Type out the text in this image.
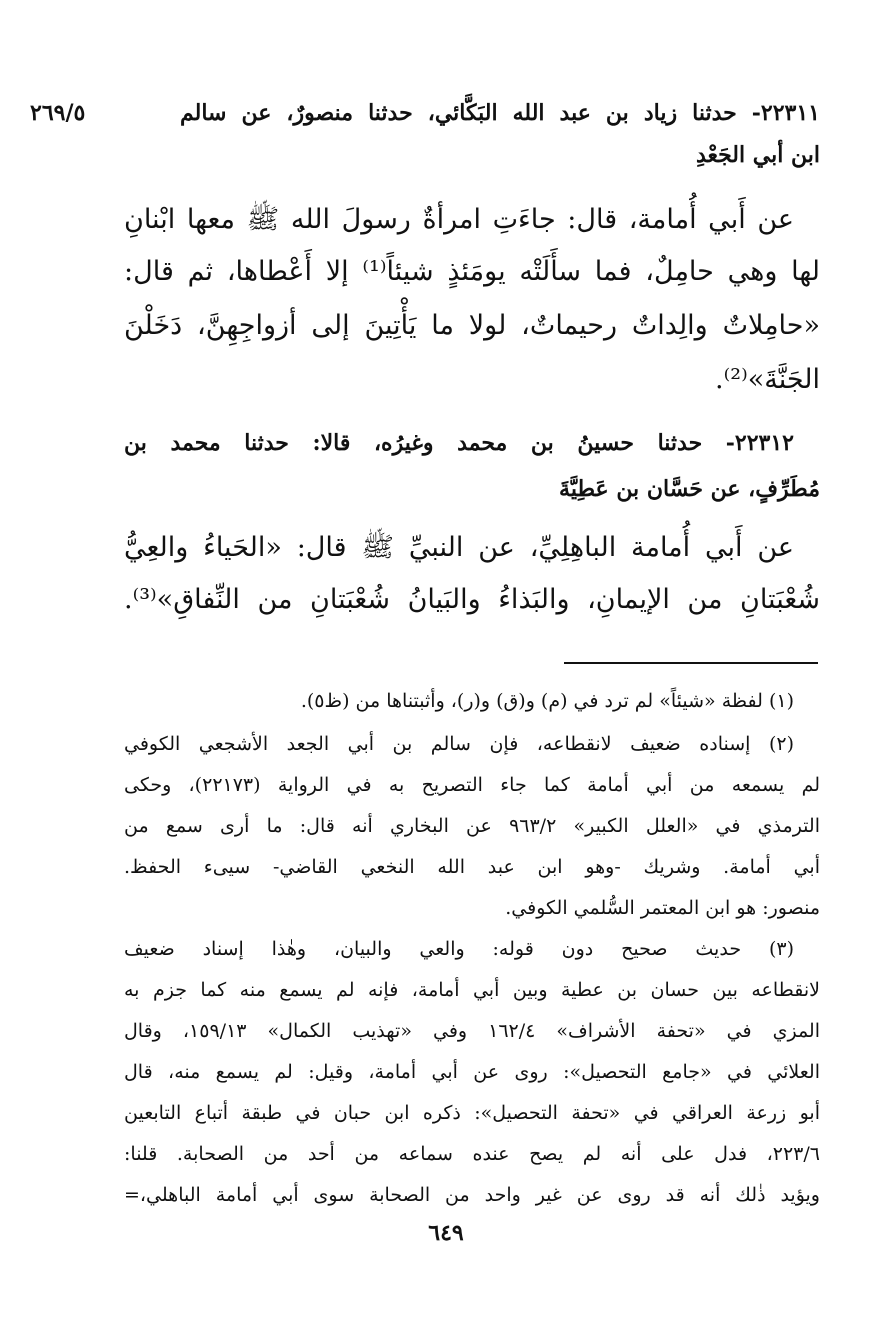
٢٦٩/٥	٢٢٣١١- حدثنا زياد بن عبد الله البَكَّائي، حدثنا منصورٌ، عن سالم
ابن أبي الجَعْدِ
عن أَبي أُمامة، قال: جاءَتِ امرأةٌ رسولَ الله ﷺ معها ابْنانِ
لها وهي حامِلٌ، فما سأَلَتْه يومَئذٍ شيئاً⁽¹⁾ إلا أَعْطاها، ثم قال:
«حامِلاتٌ والِداتٌ رحيماتٌ، لولا ما يَأْتِينَ إلى أزواجِهِنَّ، دَخَلْنَ
الجَنَّةَ»⁽²⁾.
٢٢٣١٢- حدثنا حسينُ بن محمد وغيرُه، قالا: حدثنا محمد بن
مُطَرِّفٍ، عن حَسَّان بن عَطِيَّةَ
عن أَبي أُمامة الباهِلِيِّ، عن النبيِّ ﷺ قال: «الحَياءُ والعِيُّ
شُعْبَتانِ من الإيمانِ، والبَذاءُ والبَيانُ شُعْبَتانِ من النِّفاقِ»⁽³⁾.
(١) لفظة «شيئاً» لم ترد في (م) و(ق) و(ر)، وأثبتناها من (ظ٥).
(٢) إسناده ضعيف لانقطاعه، فإن سالم بن أبي الجعد الأشجعي الكوفي
لم يسمعه من أبي أمامة كما جاء التصريح به في الرواية (٢٢١٧٣)، وحكى
الترمذي في «العلل الكبير» ٩٦٣/٢ عن البخاري أنه قال: ما أرى سمع من
أبي أمامة. وشريك -وهو ابن عبد الله النخعي القاضي- سيىء الحفظ.
منصور: هو ابن المعتمر السُّلمي الكوفي.
(٣) حديث صحيح دون قوله: والعي والبيان، وهٰذا إسناد ضعيف
لانقطاعه بين حسان بن عطية وبين أبي أمامة، فإنه لم يسمع منه كما جزم به
المزي في «تحفة الأشراف» ١٦٢/٤ وفي «تهذيب الكمال» ١٥٩/١٣، وقال
العلائي في «جامع التحصيل»: روى عن أبي أمامة، وقيل: لم يسمع منه، قال
أبو زرعة العراقي في «تحفة التحصيل»: ذكره ابن حبان في طبقة أتباع التابعين
٢٢٣/٦، فدل على أنه لم يصح عنده سماعه من أحد من الصحابة. قلنا:
ويؤيد ذٰلك أنه قد روى عن غير واحد من الصحابة سوى أبي أمامة الباهلي،=
٦٤٩
